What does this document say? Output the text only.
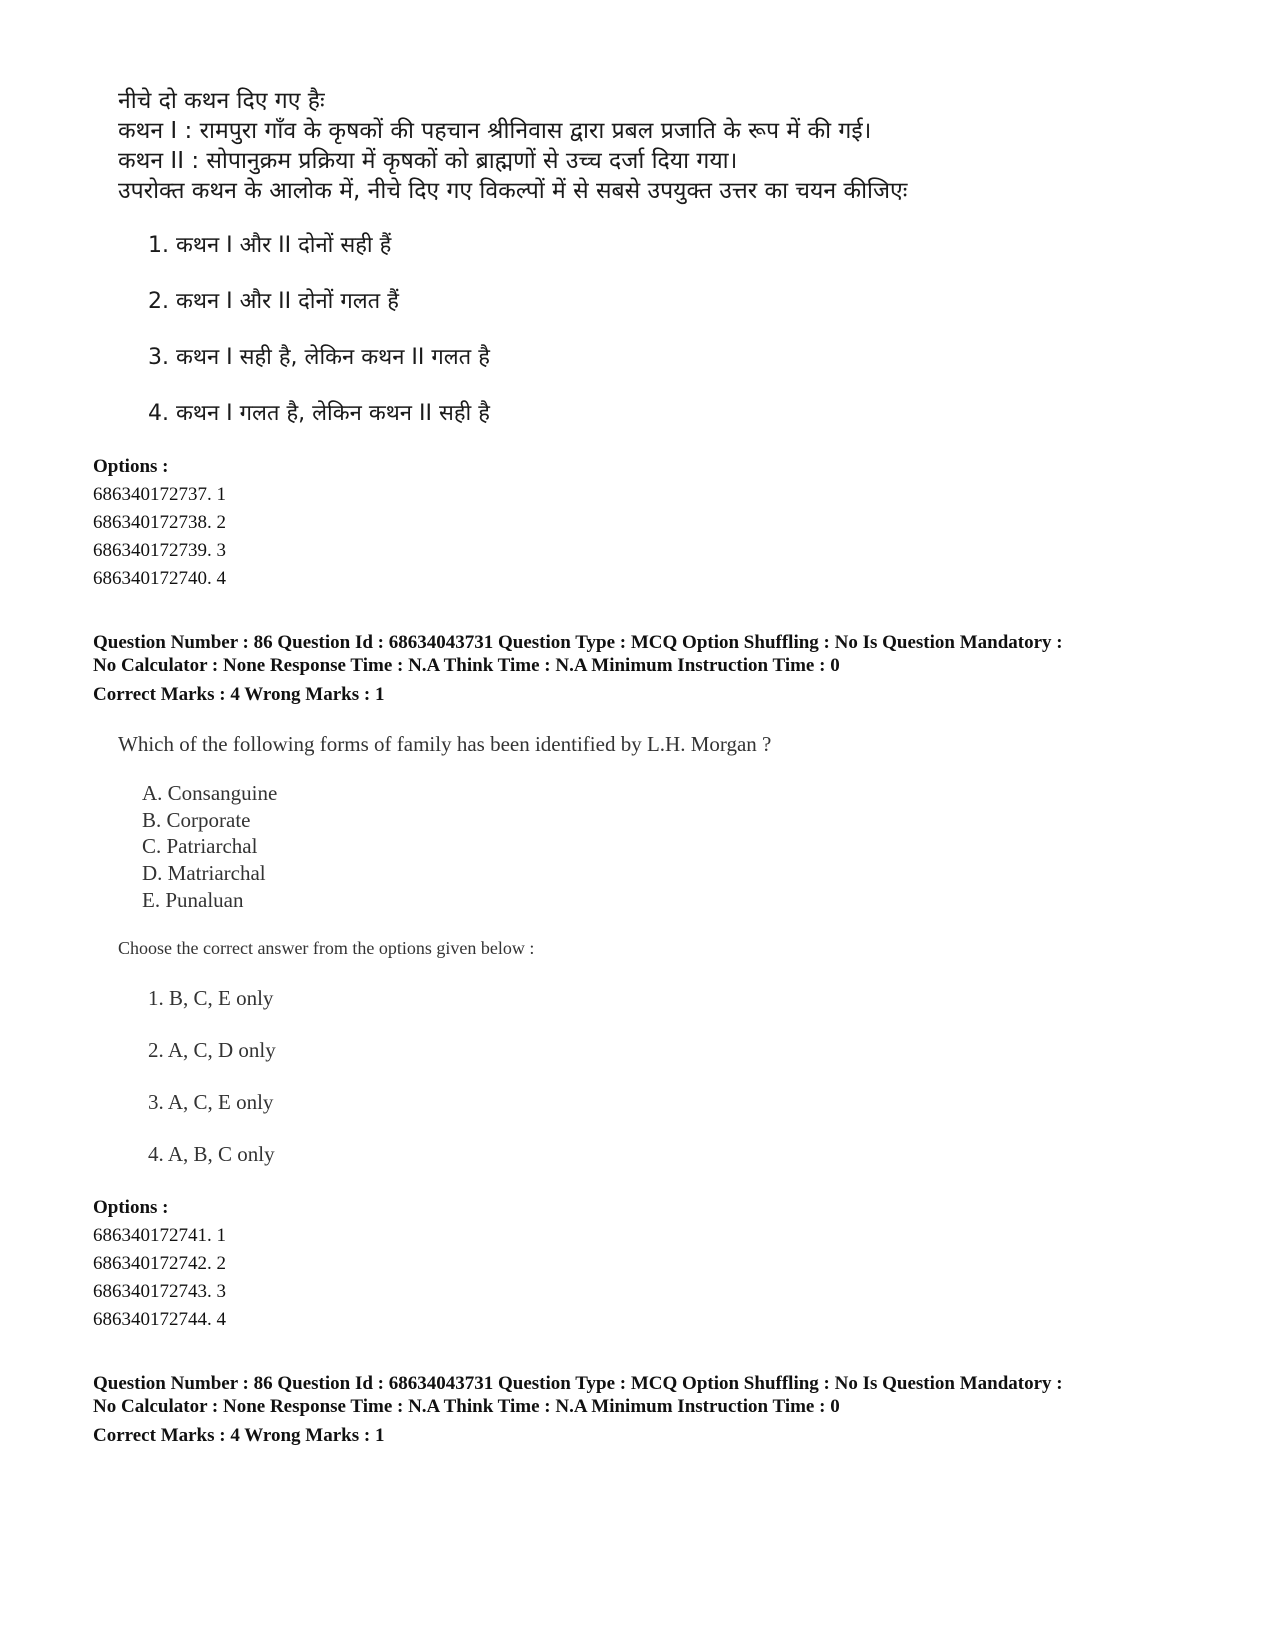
नीचे दो कथन दिए गए हैः
कथन I : रामपुरा गाँव के कृषकों की पहचान श्रीनिवास द्वारा प्रबल प्रजाति के रूप में की गई।
कथन II : सोपानुक्रम प्रक्रिया में कृषकों को ब्राह्मणों से उच्च दर्जा दिया गया।
उपरोक्त कथन के आलोक में, नीचे दिए गए विकल्पों में से सबसे उपयुक्त उत्तर का चयन कीजिएः
1. कथन I और II दोनों सही हैं
2. कथन I और II दोनों गलत हैं
3. कथन I सही है, लेकिन कथन II गलत है
4. कथन I गलत है, लेकिन कथन II सही है
Options :
686340172737. 1
686340172738. 2
686340172739. 3
686340172740. 4
Question Number : 86 Question Id : 68634043731 Question Type : MCQ Option Shuffling : No Is Question Mandatory :
No Calculator : None Response Time : N.A Think Time : N.A Minimum Instruction Time : 0
Correct Marks : 4 Wrong Marks : 1
Which of the following forms of family has been identified by L.H. Morgan ?
A. Consanguine
B. Corporate
C. Patriarchal
D. Matriarchal
E. Punaluan
Choose the correct answer from the options given below :
1. B, C, E only
2. A, C, D only
3. A, C, E only
4. A, B, C only
Options :
686340172741. 1
686340172742. 2
686340172743. 3
686340172744. 4
Question Number : 86 Question Id : 68634043731 Question Type : MCQ Option Shuffling : No Is Question Mandatory :
No Calculator : None Response Time : N.A Think Time : N.A Minimum Instruction Time : 0
Correct Marks : 4 Wrong Marks : 1
